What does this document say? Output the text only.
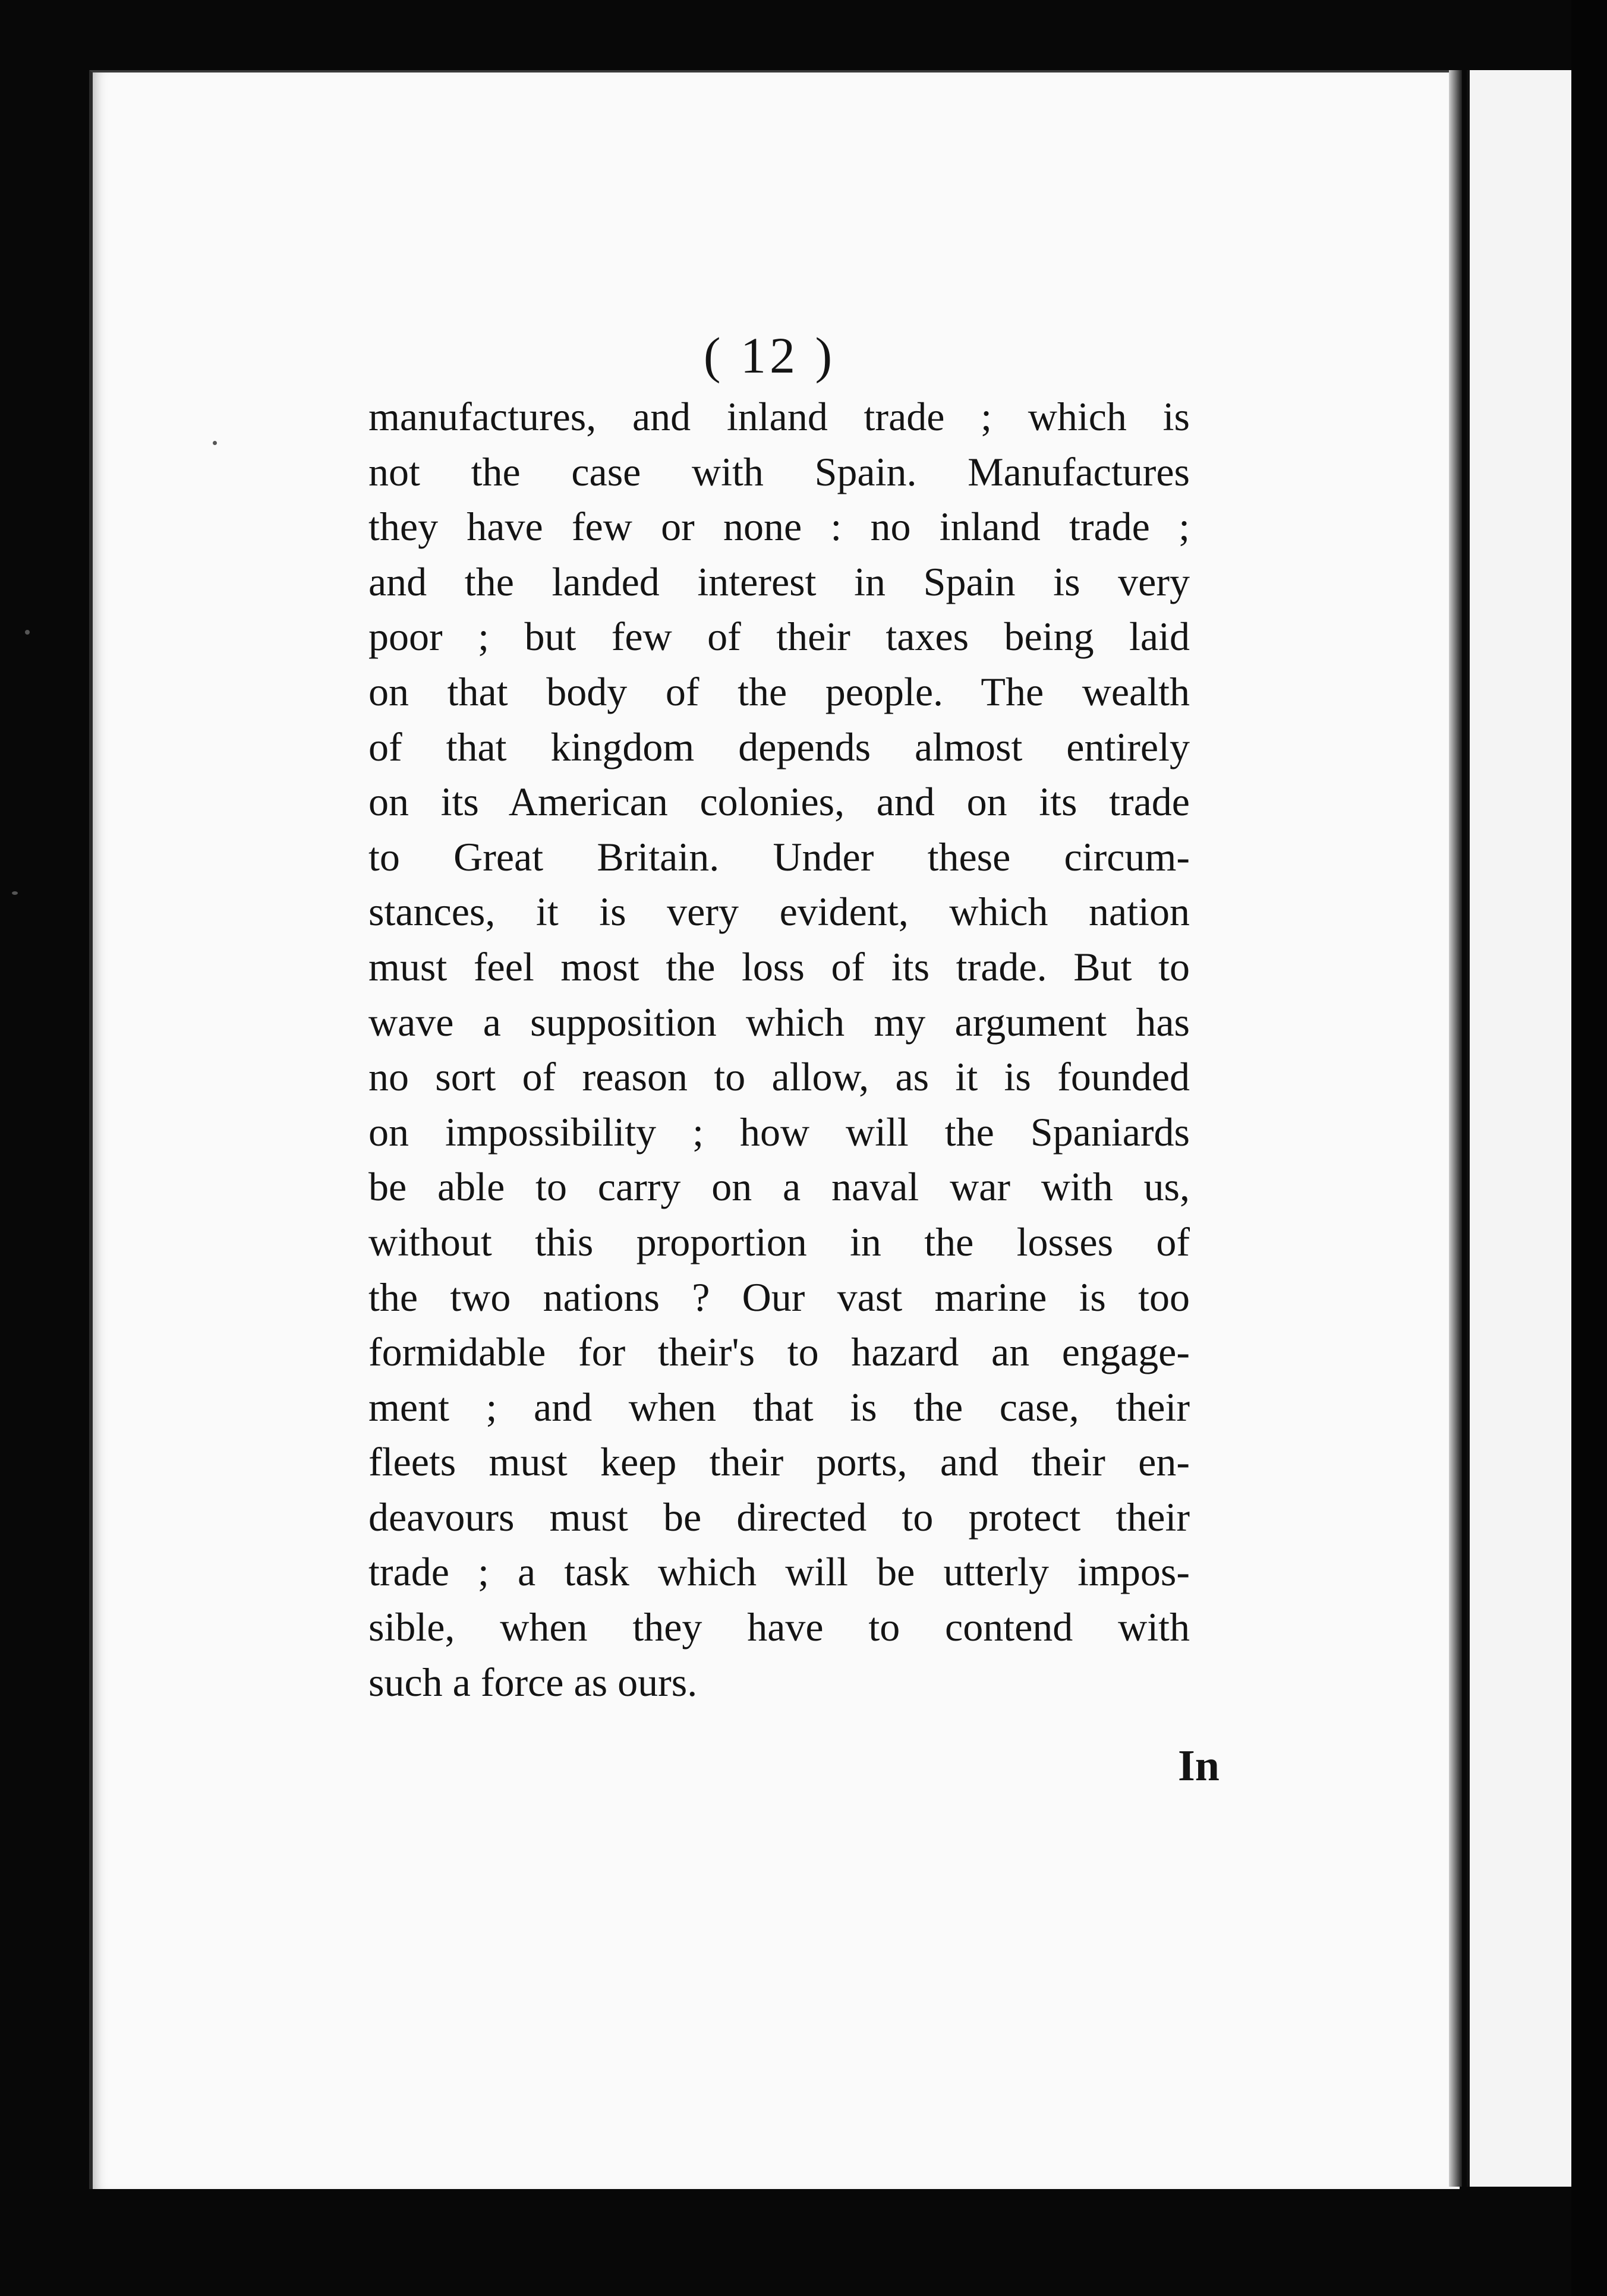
( 12 )
manufactures, and inland trade ; which is
not the case with Spain. Manufactures
they have few or none : no inland trade ;
and the landed interest in Spain is very
poor ; but few of their taxes being laid
on that body of the people. The wealth
of that kingdom depends almost entirely
on its American colonies, and on its trade
to Great Britain. Under these circum-
stances, it is very evident, which nation
must feel most the loss of its trade. But to
wave a supposition which my argument has
no sort of reason to allow, as it is founded
on impossibility ; how will the Spaniards
be able to carry on a naval war with us,
without this proportion in the losses of
the two nations ? Our vast marine is too
formidable for their's to hazard an engage-
ment ; and when that is the case, their
fleets must keep their ports, and their en-
deavours must be directed to protect their
trade ; a task which will be utterly impos-
sible, when they have to contend with
such a force as ours.
In
